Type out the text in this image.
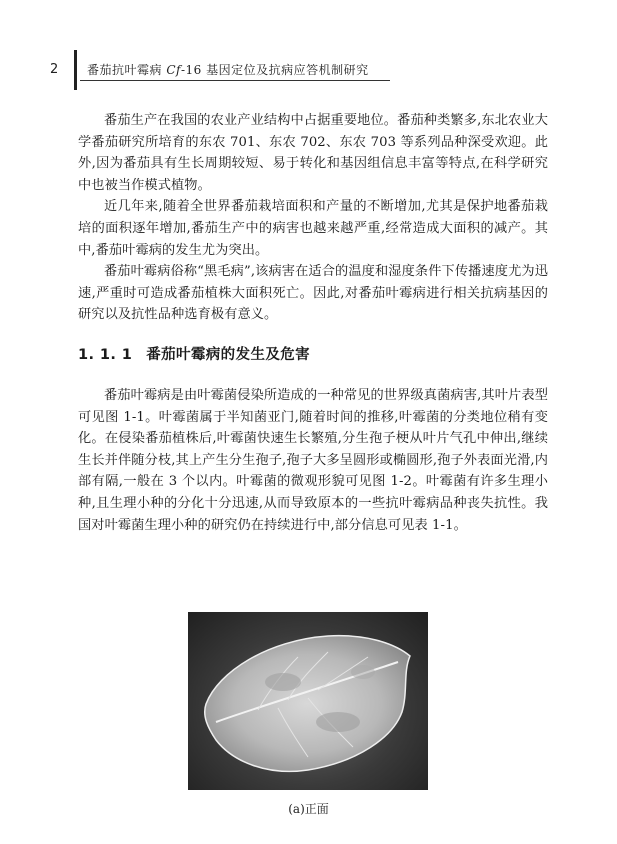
2 番茄抗叶霉病 Cf-16 基因定位及抗病应答机制研究

番茄生产在我国的农业产业结构中占据重要地位。番茄种类繁多,东北农业大学番茄研究所培育的东农 701、东农 702、东农 703 等系列品种深受欢迎。此外,因为番茄具有生长周期较短、易于转化和基因组信息丰富等特点,在科学研究中也被当作模式植物。

近几年来,随着全世界番茄栽培面积和产量的不断增加,尤其是保护地番茄栽培的面积逐年增加,番茄生产中的病害也越来越严重,经常造成大面积的减产。其中,番茄叶霉病的发生尤为突出。

番茄叶霉病俗称“黑毛病”,该病害在适合的温度和湿度条件下传播速度尤为迅速,严重时可造成番茄植株大面积死亡。因此,对番茄叶霉病进行相关抗病基因的研究以及抗性品种选育极有意义。

1. 1. 1 番茄叶霉病的发生及危害

番茄叶霉病是由叶霉菌侵染所造成的一种常见的世界级真菌病害,其叶片表型可见图 1-1。叶霉菌属于半知菌亚门,随着时间的推移,叶霉菌的分类地位稍有变化。在侵染番茄植株后,叶霉菌快速生长繁殖,分生孢子梗从叶片气孔中伸出,继续生长并伴随分枝,其上产生分生孢子,孢子大多呈圆形或椭圆形,孢子外表面光滑,内部有隔,一般在 3 个以内。叶霉菌的微观形貌可见图 1-2。叶霉菌有许多生理小种,且生理小种的分化十分迅速,从而导致原本的一些抗叶霉病品种丧失抗性。我国对叶霉菌生理小种的研究仍在持续进行中,部分信息可见表 1-1。

(a)正面
